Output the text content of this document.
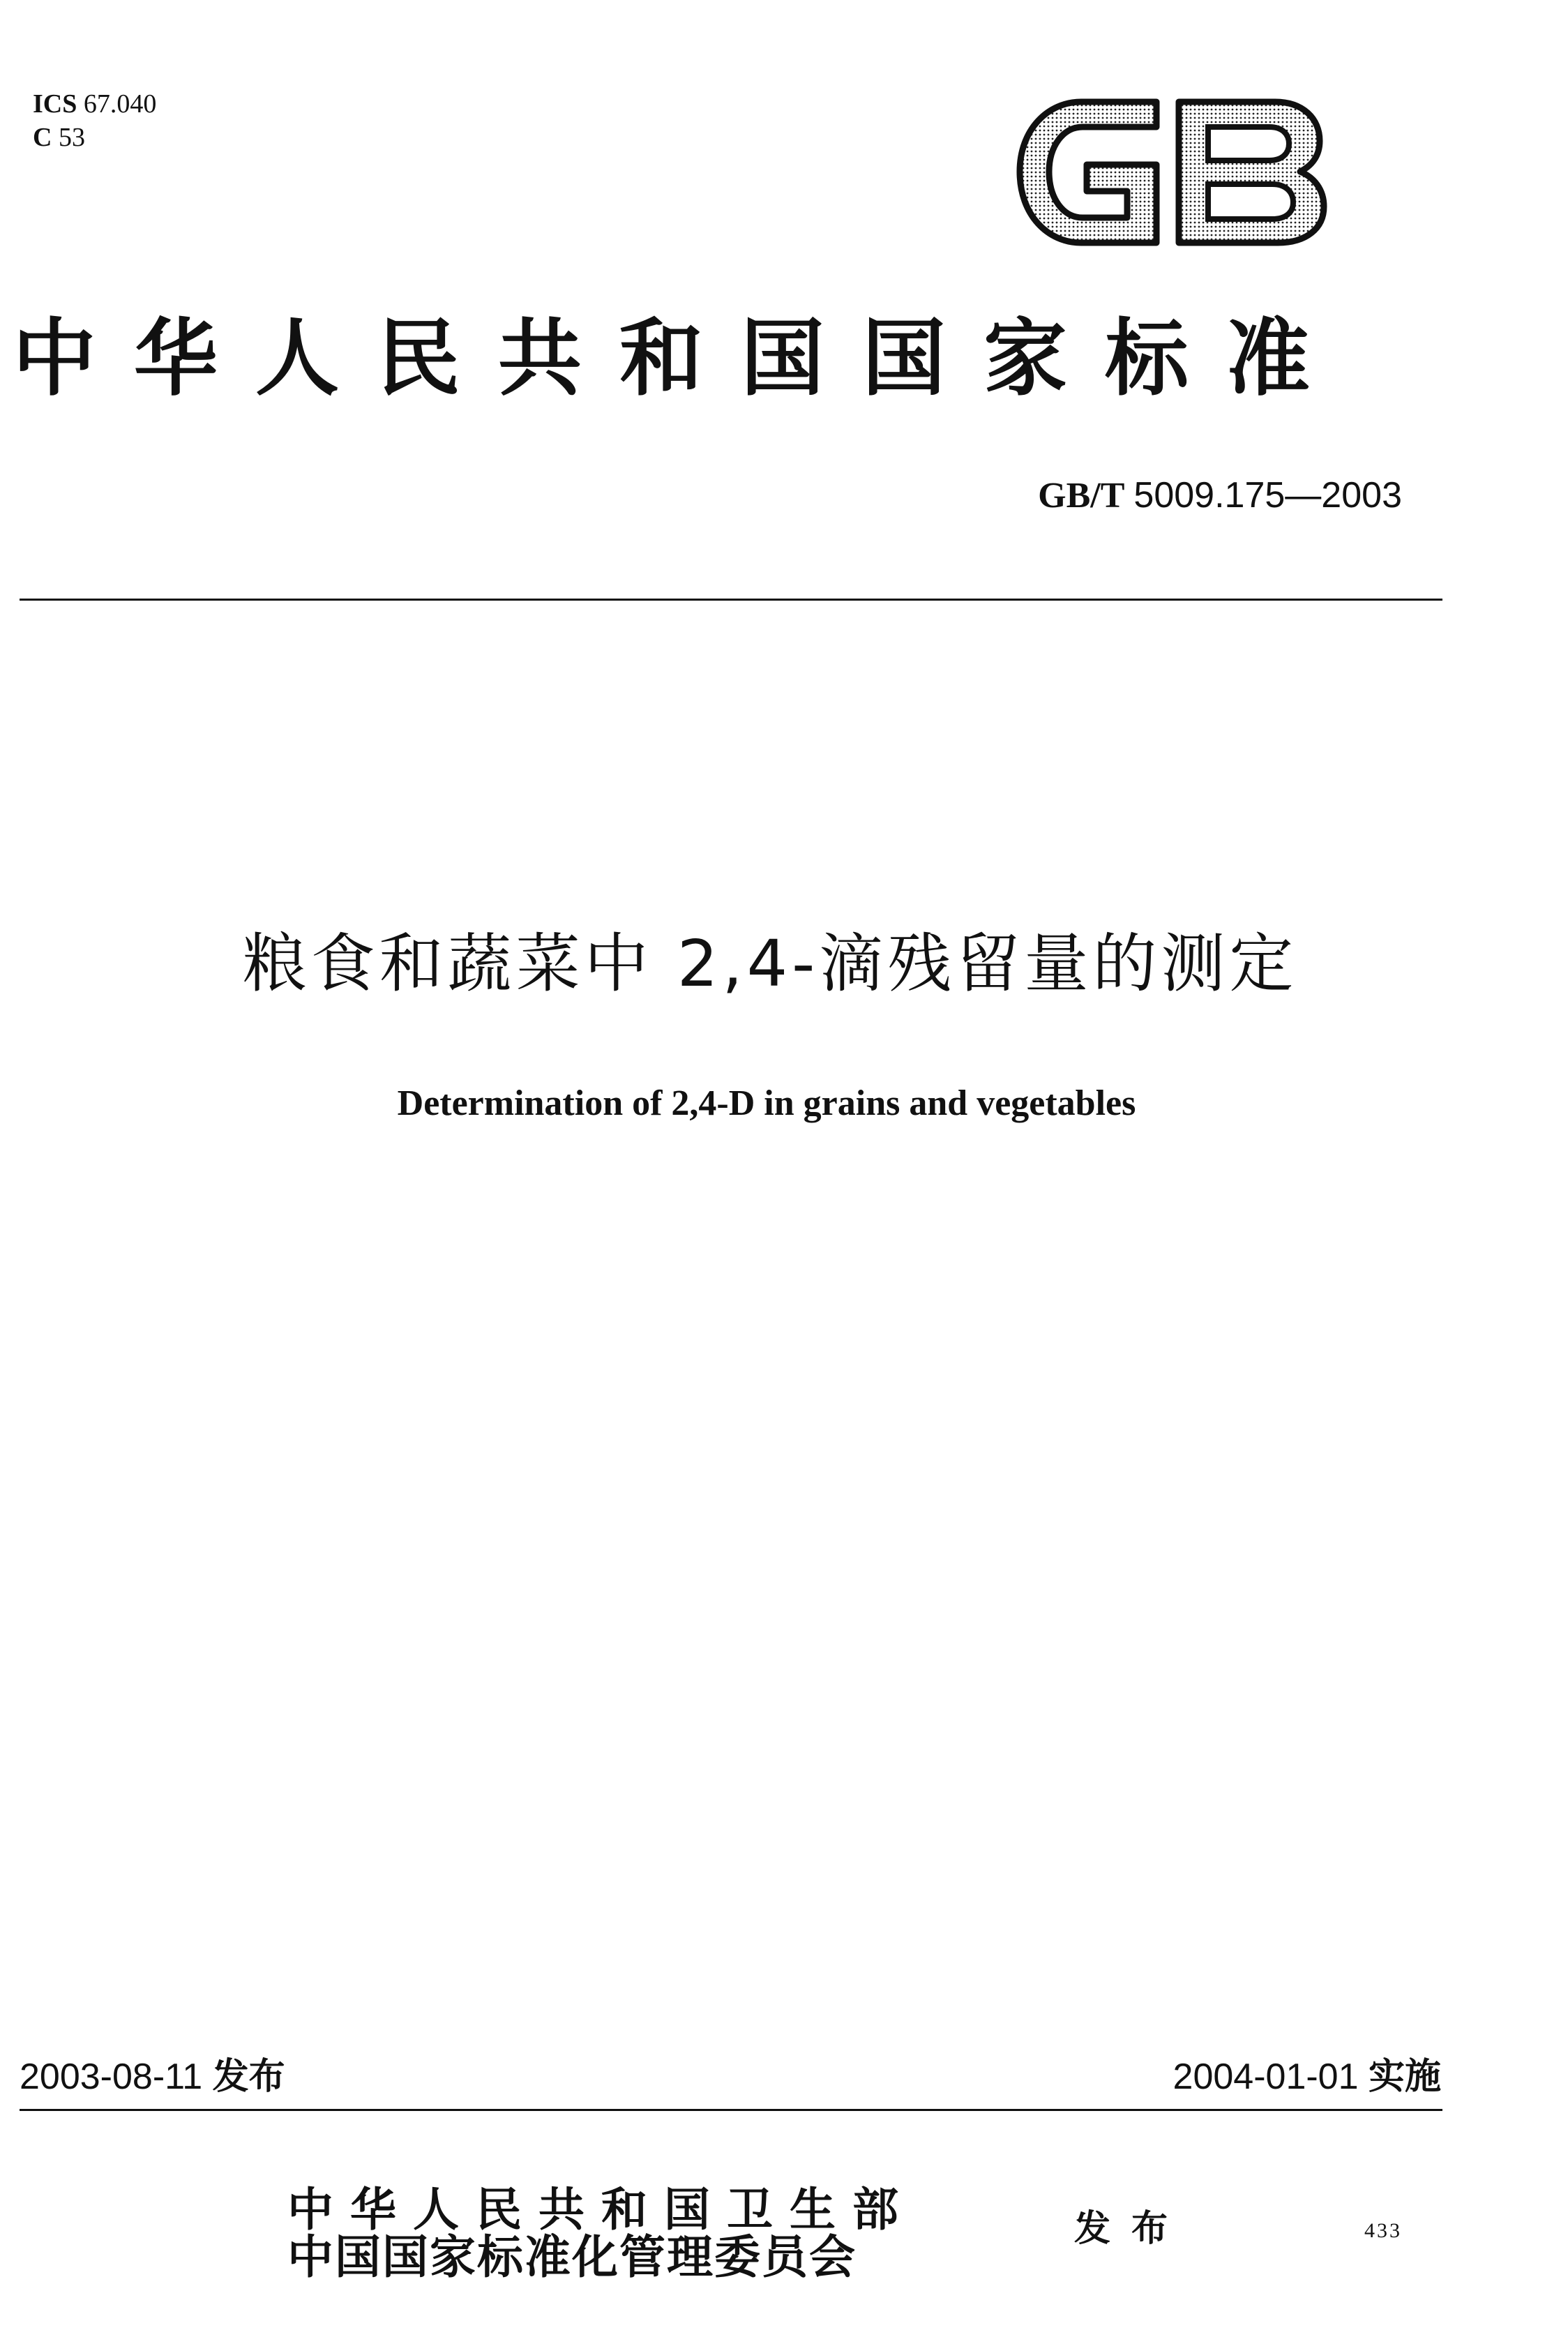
ICS 67.040

C 53

中华人民共和国国家标准
GB/T 5009.175—2003
粮食和蔬菜中 2,4-滴残留量的测定
Determination of 2,4-D in grains and vegetables
2003-08-11 发布	2004-01-01 实施
中华人民共和国卫生部
中国国家标准化管理委员会
发布	433
